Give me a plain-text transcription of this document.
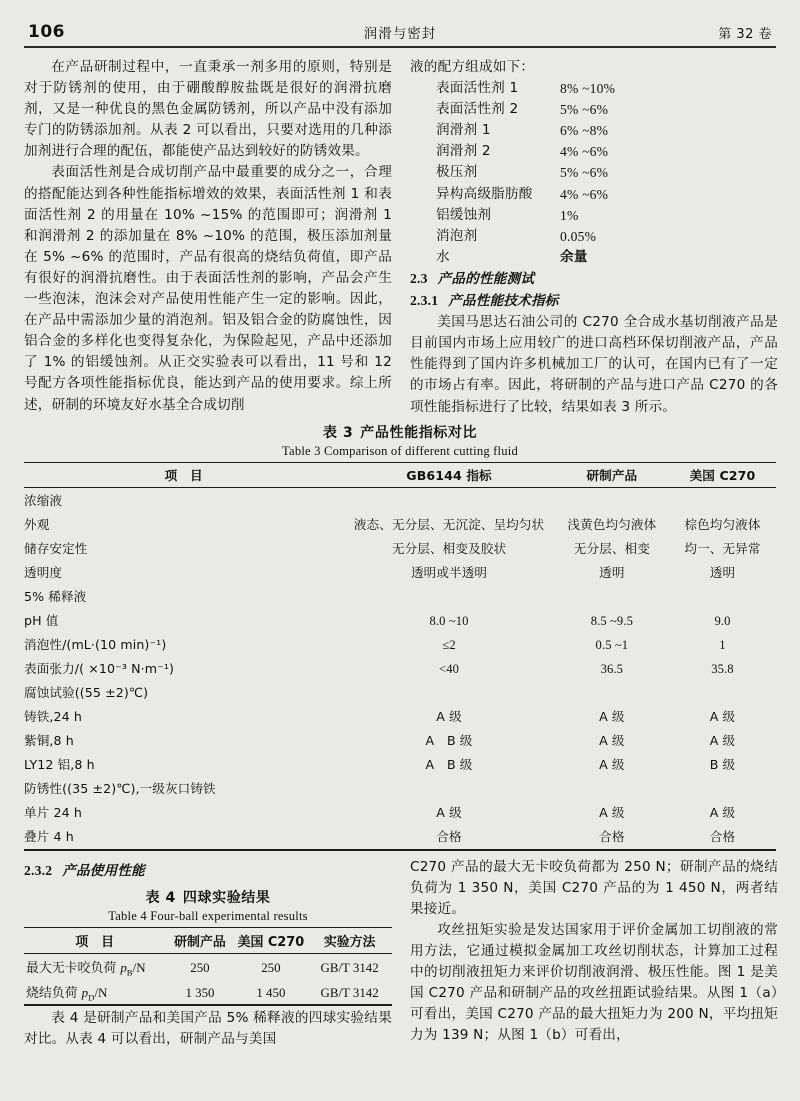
106	润滑与密封	第 32 卷

在产品研制过程中，一直秉承一剂多用的原则，特别是对于防锈剂的使用，由于硼酸醇胺盐既是很好的润滑抗磨剂，又是一种优良的黑色金属防锈剂，所以产品中没有添加专门的防锈添加剂。从表 2 可以看出，只要对选用的几种添加剂进行合理的配伍，都能使产品达到较好的防锈效果。

表面活性剂是合成切削产品中最重要的成分之一，合理的搭配能达到各种性能指标增效的效果，表面活性剂 1 和表面活性剂 2 的用量在 10% ~15% 的范围即可；润滑剂 1 和润滑剂 2 的添加量在 8% ~10% 的范围，极压添加剂量在 5% ~6% 的范围时，产品有很高的烧结负荷值，即产品有很好的润滑抗磨性。由于表面活性剂的影响，产品会产生一些泡沫，泡沫会对产品使用性能产生一定的影响。因此，在产品中需添加少量的消泡剂。铝及铝合金的防腐蚀性，因铝合金的多样化也变得复杂化，为保险起见，产品中还添加了 1% 的铝缓蚀剂。从正交实验表可以看出，11 号和 12 号配方各项性能指标优良，能达到产品的使用要求。综上所述，研制的环境友好水基全合成切削

液的配方组成如下：

表面活性剂 1	8% ~10%
表面活性剂 2	5% ~6%
润滑剂 1	6% ~8%
润滑剂 2	4% ~6%
极压剂	5% ~6%
异构高级脂肪酸	4% ~6%
铝缓蚀剂	1%
消泡剂	0.05%
水	余量
2.3 产品的性能测试
2.3.1 产品性能技术指标

美国马思达石油公司的 C270 全合成水基切削液产品是目前国内市场上应用较广的进口高档环保切削液产品，产品性能得到了国内许多机械加工厂的认可，在国内已有了一定的市场占有率。因此，将研制的产品与进口产品 C270 的各项性能指标进行了比较，结果如表 3 所示。

表 3 产品性能指标对比
Table 3 Comparison of different cutting fluid
项　目	GB6144 指标	研制产品	美国 C270
浓缩液			
外观	液态、无分层、无沉淀、呈均匀状	浅黄色均匀液体	棕色均匀液体
储存安定性	无分层、相变及胶状	无分层、相变	均一、无异常
透明度	透明或半透明	透明	透明
5% 稀释液			
pH 值	8.0 ~10	8.5 ~9.5	9.0
消泡性/(mL·(10 min)⁻¹)	≤2	0.5 ~1	1
表面张力/( ×10⁻³ N·m⁻¹)	<40	36.5	35.8
腐蚀试验((55 ±2)℃)			
铸铁,24 h	A 级	A 级	A 级
紫铜,8 h	A　B 级	A 级	A 级
LY12 铝,8 h	A　B 级	A 级	B 级
防锈性((35 ±2)℃),一级灰口铸铁			
单片 24 h	A 级	A 级	A 级
叠片 4 h	合格	合格	合格
2.3.2 产品使用性能
表 4 四球实验结果
Table 4 Four-ball experimental results
项　目	研制产品	美国 C270	实验方法
最大无卡咬负荷 $p_B/N$	250	250	GB/T 3142
烧结负荷 $p_D/N$	1 350	1 450	GB/T 3142

表 4 是研制产品和美国产品 5% 稀释液的四球实验结果对比。从表 4 可以看出，研制产品与美国

C270 产品的最大无卡咬负荷都为 250 N；研制产品的烧结负荷为 1 350 N，美国 C270 产品的为 1 450 N，两者结果接近。

攻丝扭矩实验是发达国家用于评价金属加工切削液的常用方法，它通过模拟金属加工攻丝切削状态，计算加工过程中的切削液扭矩力来评价切削液润滑、极压性能。图 1 是美国 C270 产品和研制产品的攻丝扭距试验结果。从图 1（a）可看出，美国 C270 产品的最大扭矩力为 200 N，平均扭矩力为 139 N；从图 1（b）可看出，
